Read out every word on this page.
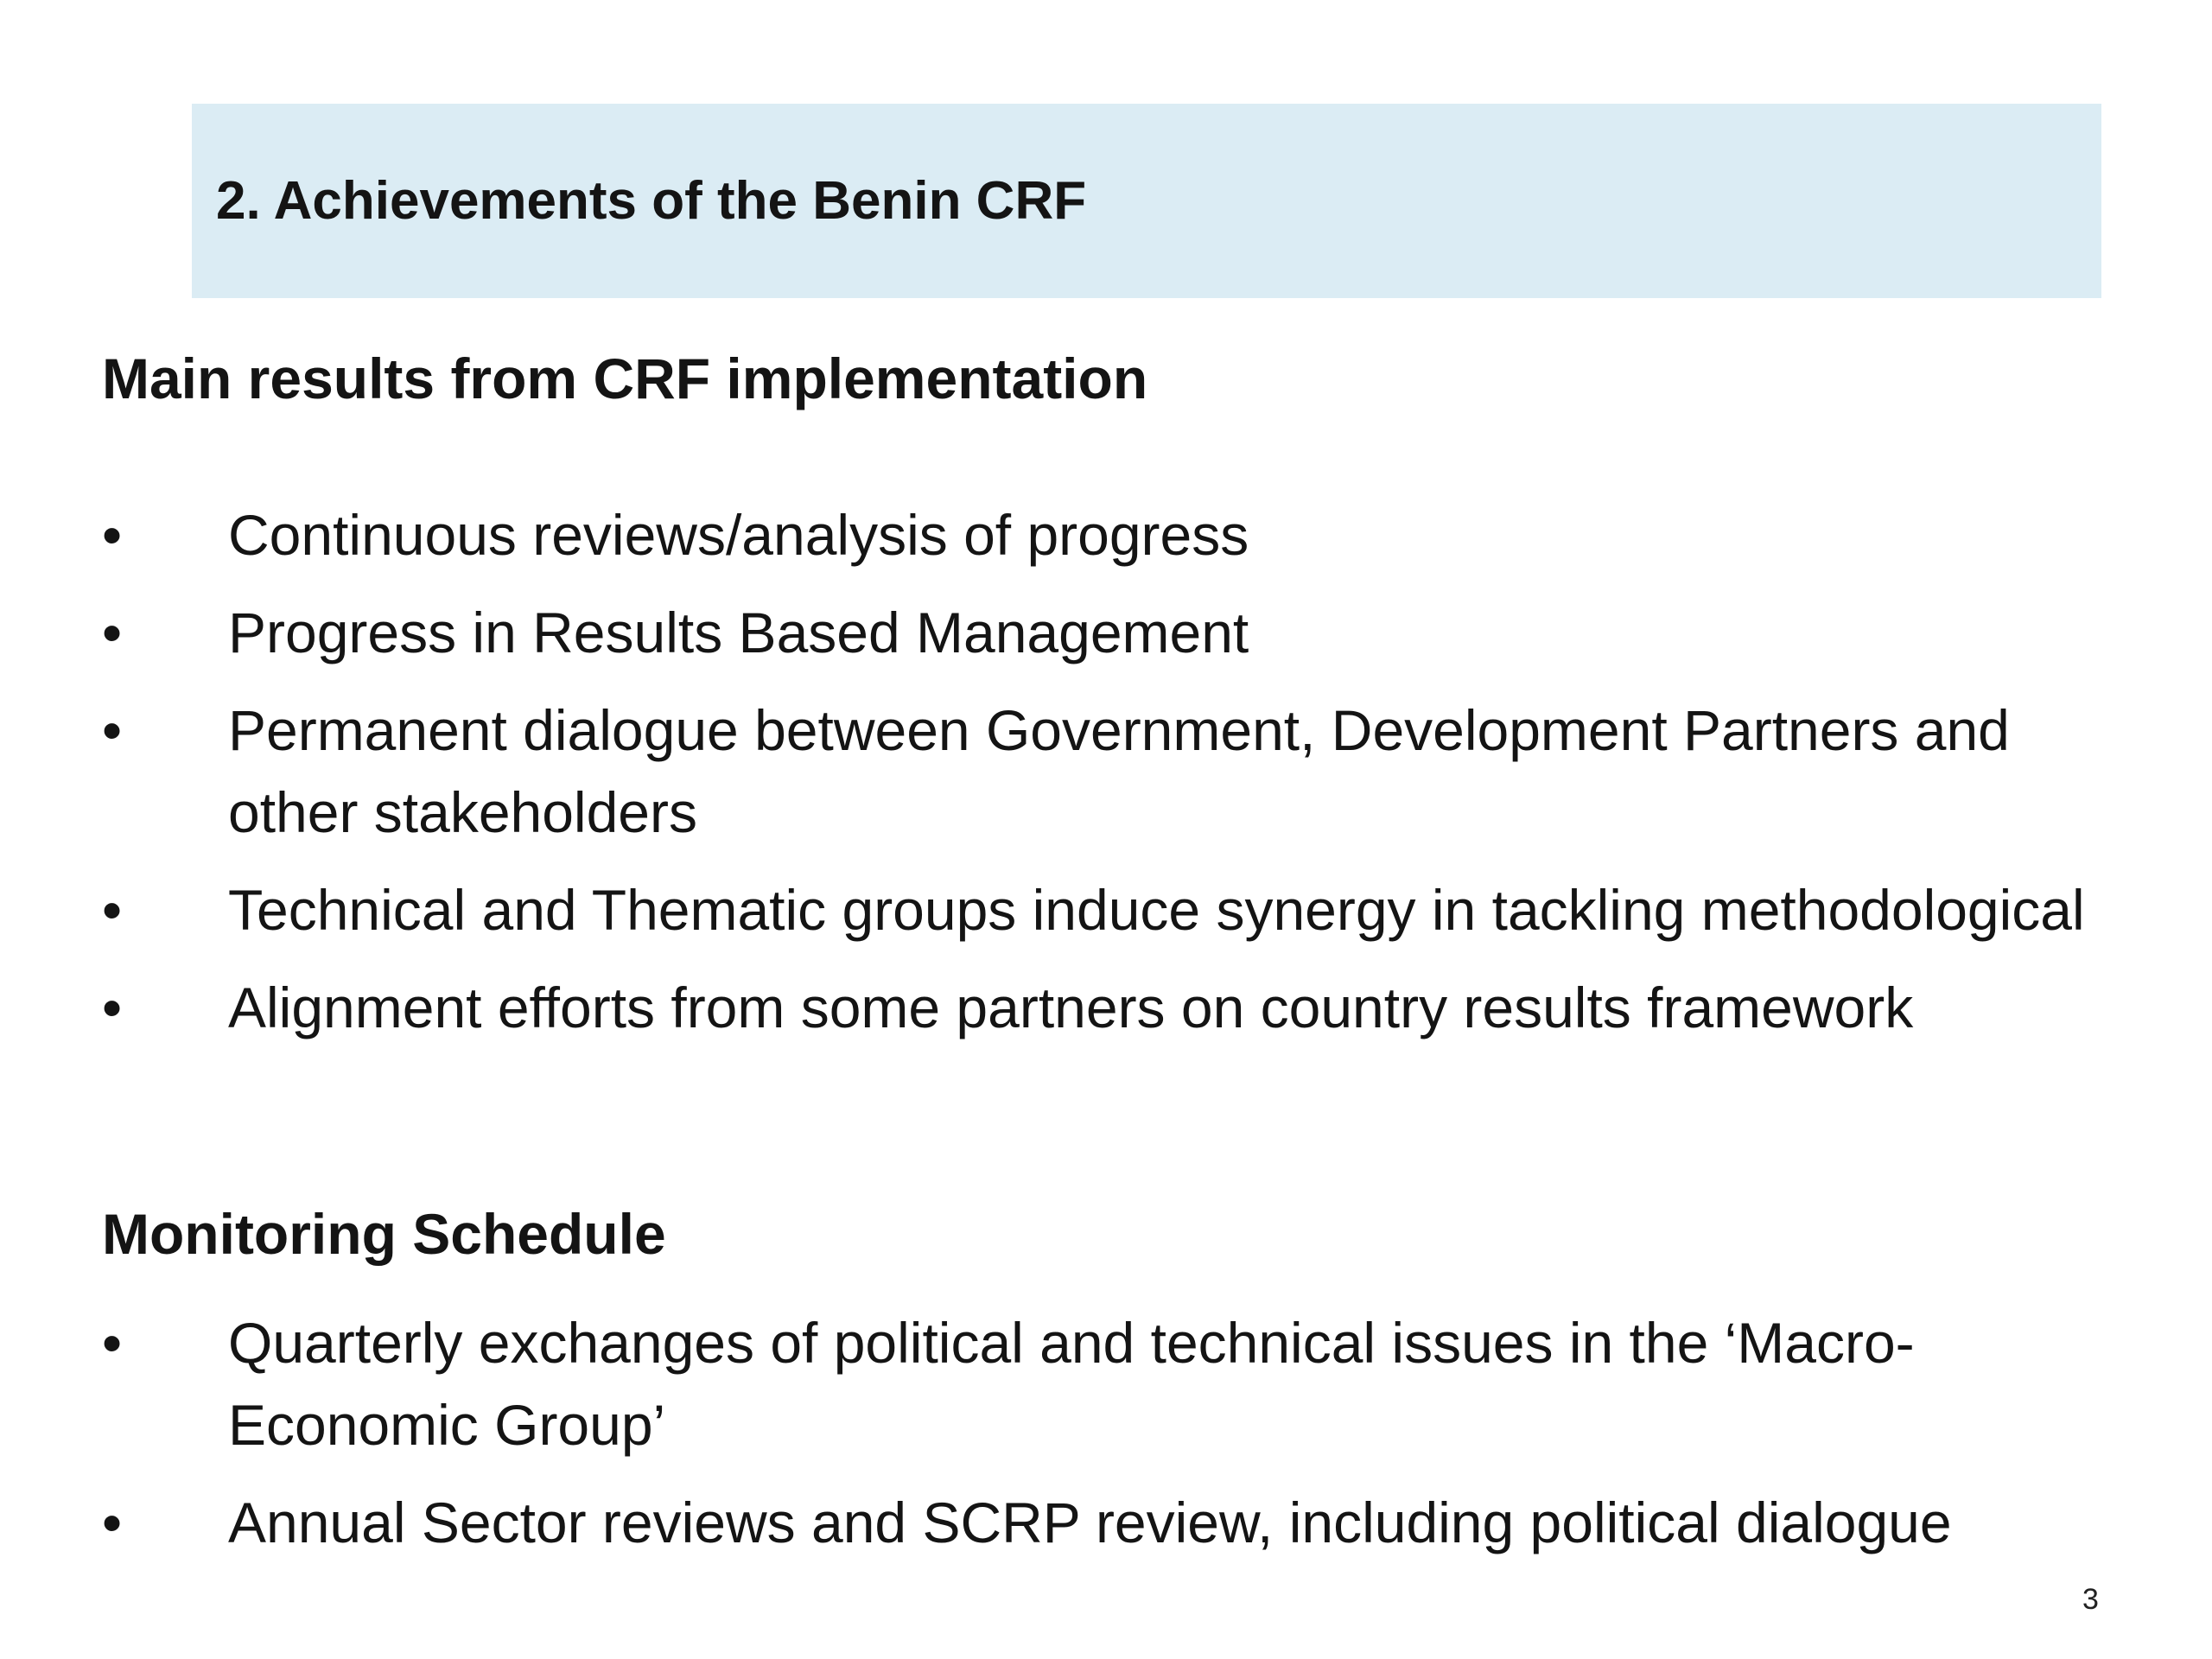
2. Achievements of the Benin CRF
Main results from CRF implementation
• Continuous reviews/analysis of progress
• Progress in Results Based Management
• Permanent dialogue between Government, Development Partners and other stakeholders
• Technical and Thematic groups induce synergy in tackling methodological
• Alignment efforts from some partners on country results framework
Monitoring Schedule
• Quarterly exchanges of political and technical issues in the ‘Macro-Economic Group’
• Annual Sector reviews and SCRP review, including political dialogue
3
